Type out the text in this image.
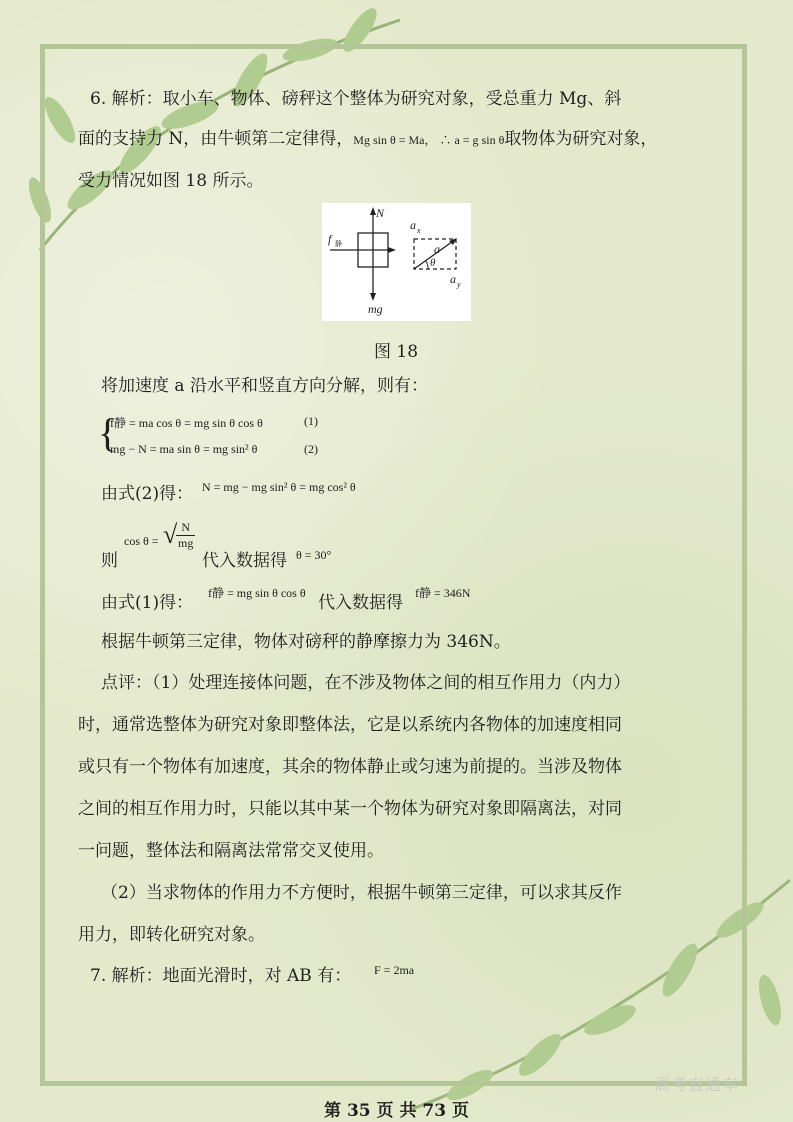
6. 解析：取小车、物体、磅秤这个整体为研究对象，受总重力 Mg、斜
面的支持力 N，由牛顿第二定律得，Mg sin θ = Ma， ∴ a = g sin θ取物体为研究对象，
受力情况如图 18 所示。
N
f 静
mg
a x
a
θ
a y
图 18
将加速度 a 沿水平和竖直方向分解，则有：
{
f静 = ma cos θ = mg sin θ cos θ	(1)
mg − N = ma sin θ = mg sin² θ	(2)
由式(2)得： N = mg − mg sin² θ = mg cos² θ
则
cos θ = √
$\frac{N}{mg}$
代入数据得 θ = 30°
由式(1)得： f静 = mg sin θ cos θ 代入数据得 f静 = 346N
根据牛顿第三定律，物体对磅秤的静摩擦力为 346N。
点评：（1）处理连接体问题，在不涉及物体之间的相互作用力（内力）
时，通常选整体为研究对象即整体法，它是以系统内各物体的加速度相同
或只有一个物体有加速度，其余的物体静止或匀速为前提的。当涉及物体
之间的相互作用力时，只能以其中某一个物体为研究对象即隔离法，对同
一问题，整体法和隔离法常常交叉使用。
（2）当求物体的作用力不方便时，根据牛顿第三定律，可以求其反作
用力，即转化研究对象。
7. 解析：地面光滑时，对 AB 有： F = 2ma
高考直通车
第 35 页 共 73 页
